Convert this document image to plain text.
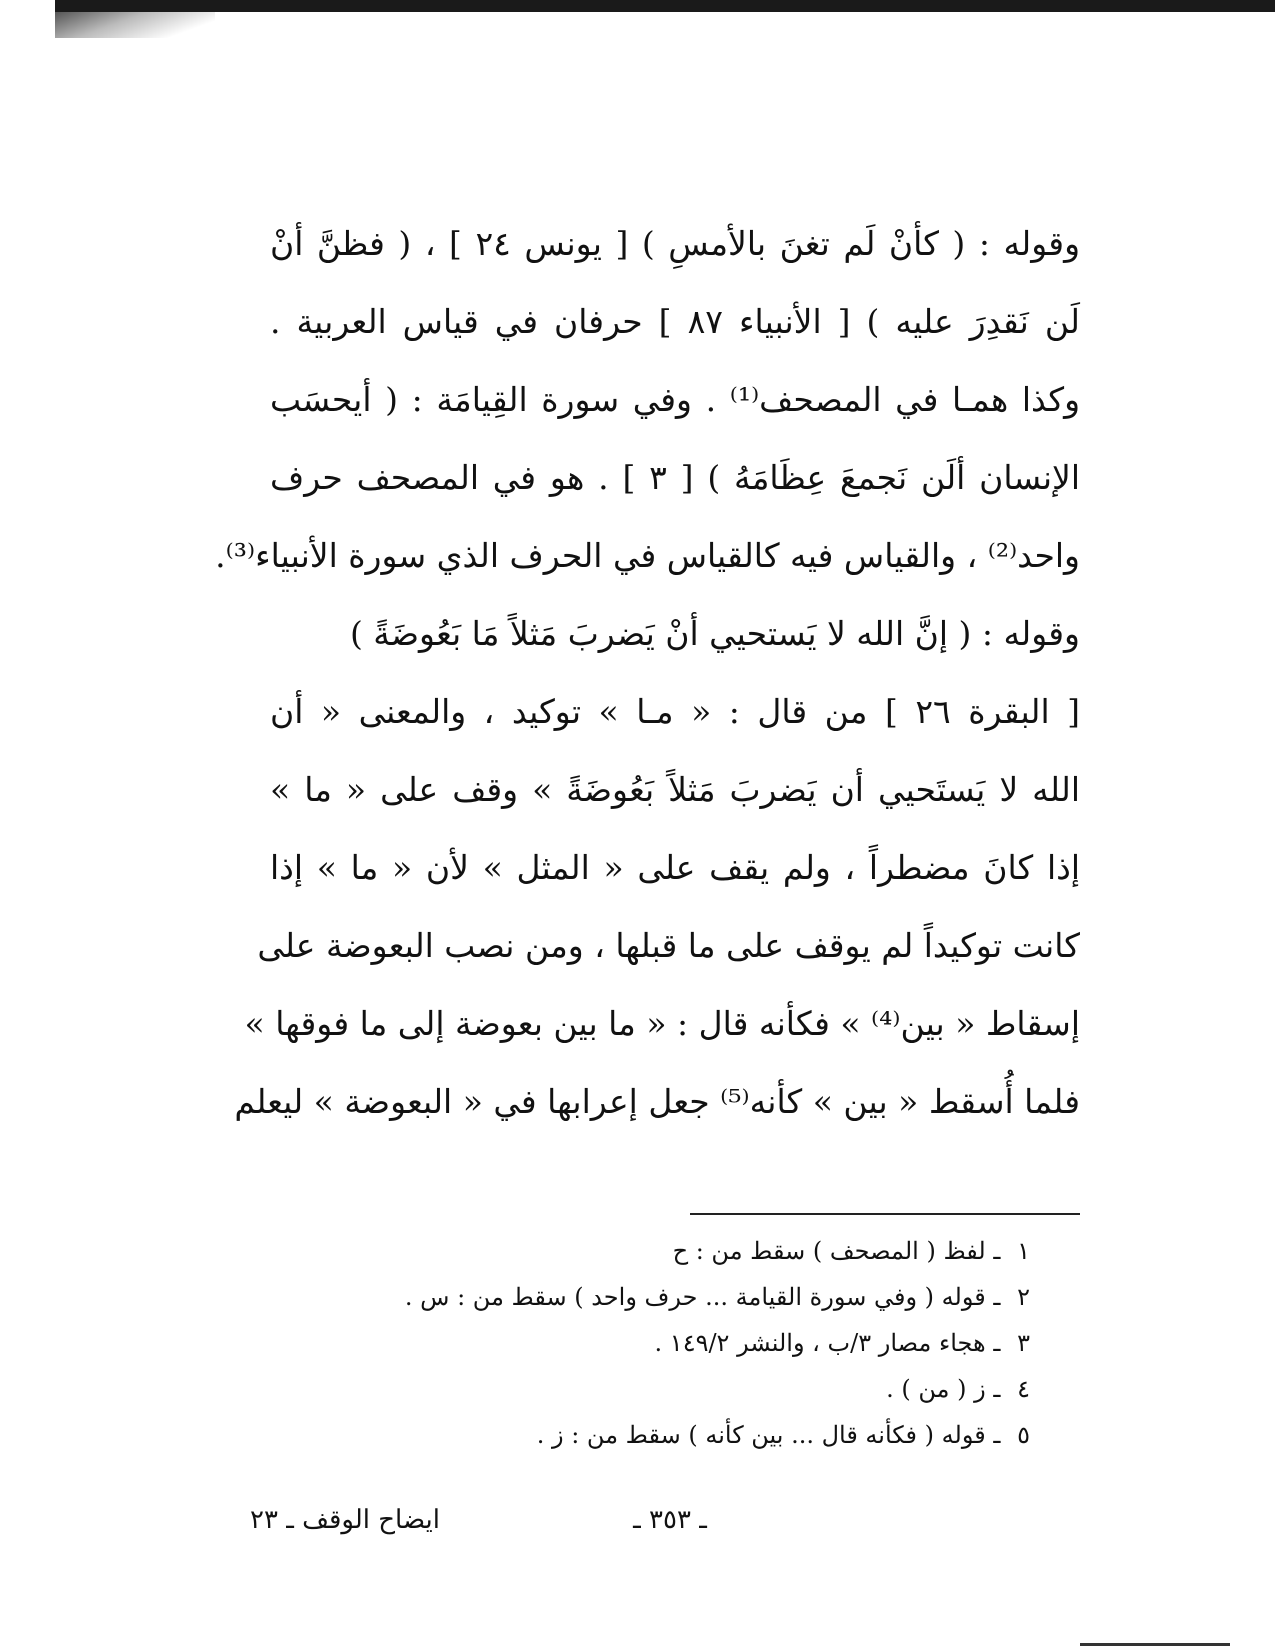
وقوله : ( كأنْ لَم تغنَ بالأمسِ ) [ يونس ٢٤ ] ، ( فظنَّ أنْ
لَن نَقدِرَ عليه ) [ الأنبياء ٨٧ ] حرفان في قياس العربية .
وكذا همـا في المصحف⁽¹⁾ . وفي سورة القِيامَة : ( أيحسَب
الإنسان ألَن نَجمعَ عِظَامَهُ ) [ ٣ ] . هو في المصحف حرف
واحد⁽²⁾ ، والقياس فيه كالقياس في الحرف الذي سورة الأنبياء⁽³⁾.
وقوله : ( إنَّ الله لا يَستحيي أنْ يَضربَ مَثلاً مَا بَعُوضَةً )
[ البقرة ٢٦ ] من قال : « مـا » توكيد ، والمعنى « أن
الله لا يَستَحيي أن يَضربَ مَثلاً بَعُوضَةً » وقف على « ما »
إذا كانَ مضطراً ، ولم يقف على « المثل » لأن « ما » إذا
كانت توكيداً لم يوقف على ما قبلها ، ومن نصب البعوضة على
إسقاط « بين⁽⁴⁾ » فكأنه قال : « ما بين بعوضة إلى ما فوقها »
فلما أُسقط « بين » كأنه⁽⁵⁾ جعل إعرابها في « البعوضة » ليعلم
١ ـ لفظ ( المصحف ) سقط من : ح
٢ ـ قوله ( وفي سورة القيامة ... حرف واحد ) سقط من : س .
٣ ـ هجاء مصار ٣/ب ، والنشر ١٤٩/٢ .
٤ ـ ز ( من ) .
٥ ـ قوله ( فكأنه قال ... بين كأنه ) سقط من : ز .
ـ ٣٥٣ ـ
ايضاح الوقف ـ ٢٣
